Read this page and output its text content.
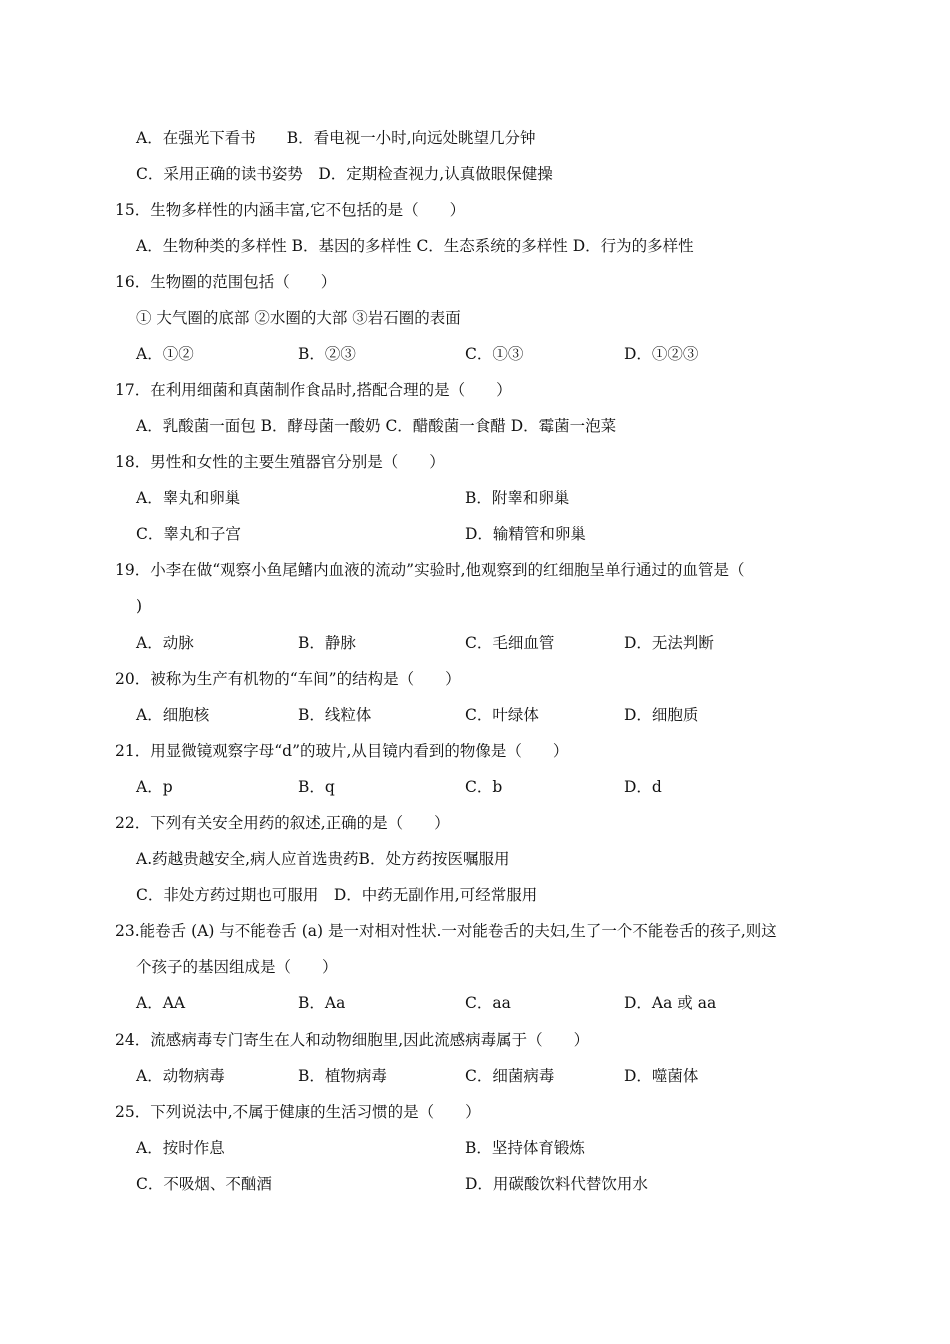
A．在强光下看书　　B．看电视一小时,向远处眺望几分钟
C．采用正确的读书姿势　D．定期检查视力,认真做眼保健操
15．生物多样性的内涵丰富,它不包括的是（　　）
A．生物种类的多样性 B．基因的多样性 C．生态系统的多样性 D．行为的多样性
16．生物圈的范围包括（　　）
① 大气圈的底部 ②水圈的大部 ③岩石圈的表面
A．①②	B．②③	C．①③	D．①②③
17．在利用细菌和真菌制作食品时,搭配合理的是（　　）
A．乳酸菌一面包 B．酵母菌一酸奶 C．醋酸菌一食醋 D．霉菌一泡菜
18．男性和女性的主要生殖器官分别是（　　）
A．睾丸和卵巢	B．附睾和卵巢
C．睾丸和子宫	D．输精管和卵巢
19．小李在做“观察小鱼尾鳍内血液的流动”实验时,他观察到的红细胞呈单行通过的血管是（
)
A．动脉	B．静脉	C．毛细血管	D．无法判断
20．被称为生产有机物的“车间”的结构是（　　）
A．细胞核	B．线粒体	C．叶绿体	D．细胞质
21．用显微镜观察字母“d”的玻片,从目镜内看到的物像是（　　）
A．p	B．q	C．b	D．d
22．下列有关安全用药的叙述,正确的是（　　）
A.药越贵越安全,病人应首选贵药B．处方药按医嘱服用
C．非处方药过期也可服用　D．中药无副作用,可经常服用
23.能卷舌 (A) 与不能卷舌 (a) 是一对相对性状.一对能卷舌的夫妇,生了一个不能卷舌的孩子,则这
个孩子的基因组成是（　　）
A．AA	B．Aa	C．aa	D．Aa 或 aa
24．流感病毒专门寄生在人和动物细胞里,因此流感病毒属于（　　）
A．动物病毒	B．植物病毒	C．细菌病毒	D．噬菌体
25．下列说法中,不属于健康的生活习惯的是（　　）
A．按时作息	B．坚持体育锻炼
C．不吸烟、不酗酒	D．用碳酸饮料代替饮用水
